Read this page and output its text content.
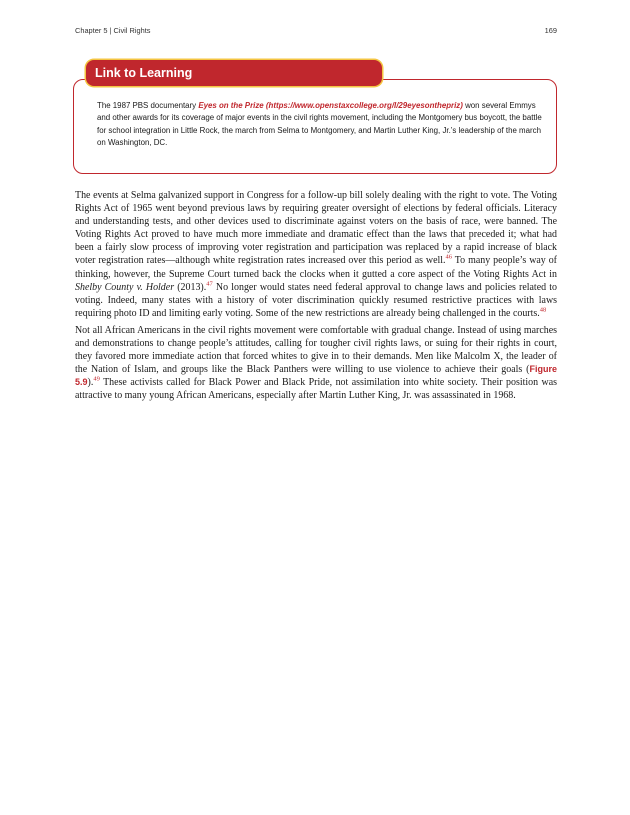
Chapter 5 | Civil Rights	169
Link to Learning
The 1987 PBS documentary Eyes on the Prize (https://www.openstaxcollege.org/l/29eyesonthepriz) won several Emmys and other awards for its coverage of major events in the civil rights movement, including the Montgomery bus boycott, the battle for school integration in Little Rock, the march from Selma to Montgomery, and Martin Luther King, Jr.’s leadership of the march on Washington, DC.

The events at Selma galvanized support in Congress for a follow-up bill solely dealing with the right to vote. The Voting Rights Act of 1965 went beyond previous laws by requiring greater oversight of elections by federal officials. Literacy and understanding tests, and other devices used to discriminate against voters on the basis of race, were banned. The Voting Rights Act proved to have much more immediate and dramatic effect than the laws that preceded it; what had been a fairly slow process of improving voter registration and participation was replaced by a rapid increase of black voter registration rates—although white registration rates increased over this period as well.$^{46}$ To many people’s way of thinking, however, the Supreme Court turned back the clocks when it gutted a core aspect of the Voting Rights Act in Shelby County v. Holder (2013).$^{47}$ No longer would states need federal approval to change laws and policies related to voting. Indeed, many states with a history of voter discrimination quickly resumed restrictive practices with laws requiring photo ID and limiting early voting. Some of the new restrictions are already being challenged in the courts.$^{48}$

Not all African Americans in the civil rights movement were comfortable with gradual change. Instead of using marches and demonstrations to change people’s attitudes, calling for tougher civil rights laws, or suing for their rights in court, they favored more immediate action that forced whites to give in to their demands. Men like Malcolm X, the leader of the Nation of Islam, and groups like the Black Panthers were willing to use violence to achieve their goals (Figure 5.9).$^{49}$ These activists called for Black Power and Black Pride, not assimilation into white society. Their position was attractive to many young African Americans, especially after Martin Luther King, Jr. was assassinated in 1968.
